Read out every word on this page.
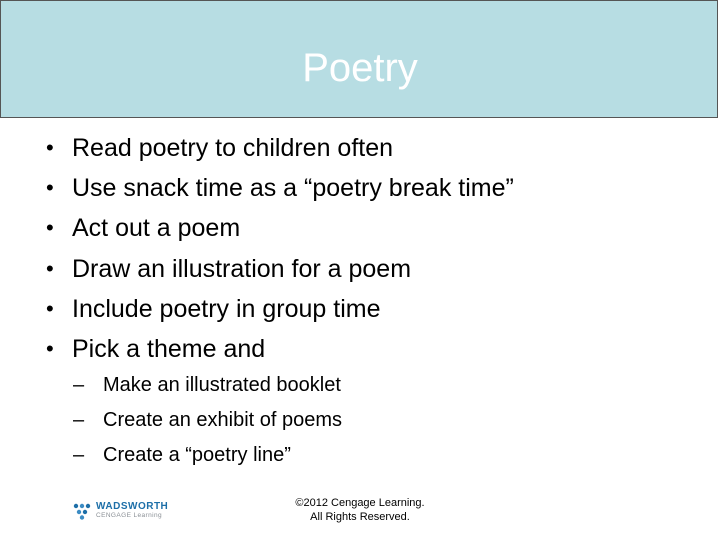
Poetry
• Read poetry to children often
• Use snack time as a “poetry break time”
• Act out a poem
• Draw an illustration for a poem
• Include poetry in group time
• Pick a theme and
– Make an illustrated booklet
– Create an exhibit of poems
– Create a “poetry line”
WADSWORTH
CENGAGE Learning
©2012 Cengage Learning.
All Rights Reserved.
